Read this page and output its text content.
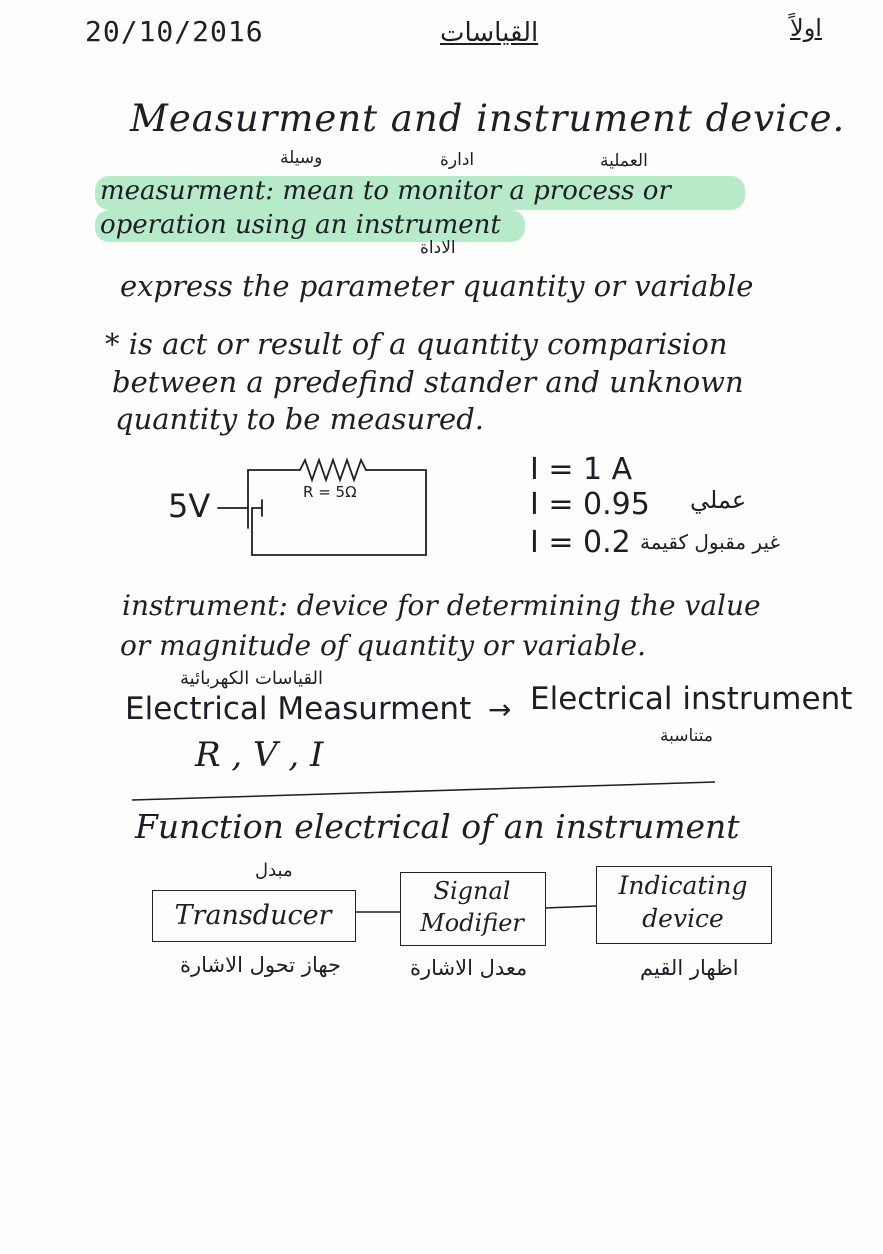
20/10/2016	القياسات	اولاً
Measurment and instrument device.
وسيلة	ادارة	العملية
measurment: mean to monitor a process or
operation using an instrument
الاداة
express the parameter quantity or variable
* is act or result of a quantity comparision
between a predefind stander and unknown
quantity to be measured.
5V	R = 5Ω
I = 1 A
I = 0.95 عملي
I = 0.2 غير مقبول كقيمة
instrument: device for determining the value
or magnitude of quantity or variable.
القياسات الكهربائية
Electrical Measurment → Electrical instrument
متناسبة
R , V , I
Function electrical of an instrument
مبدل
Transducer
Signal
Modifier
Indicating
device
جهاز تحول الاشارة	معدل الاشارة	اظهار القيم
